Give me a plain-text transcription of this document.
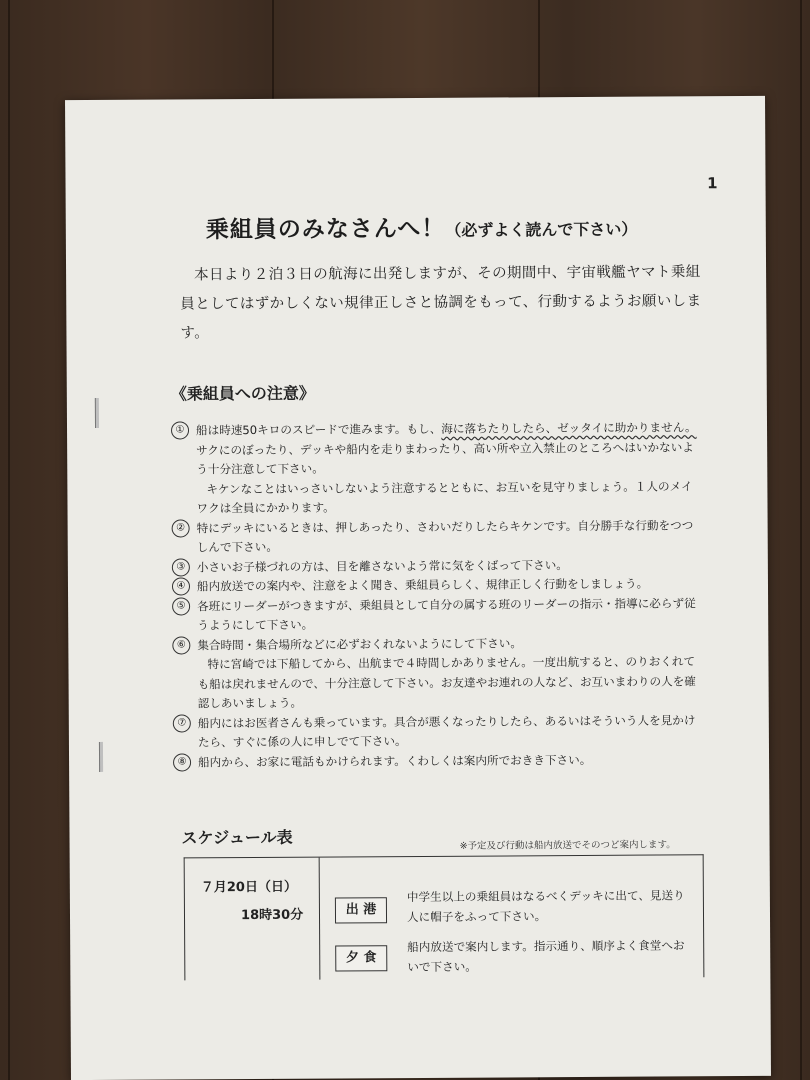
1
乗組員のみなさんへ！（必ずよく読んで下さい）
本日より２泊３日の航海に出発しますが、その期間中、宇宙戦艦ヤマト乗組員としてはずかしくない規律正しさと協調をもって、行動するようお願いします。
《乗組員への注意》
① 船は時速50キロのスピードで進みます。もし、海に落ちたりしたら、ゼッタイに助かりません。サクにのぼったり、デッキや船内を走りまわったり、高い所や立入禁止のところへはいかないよう十分注意して下さい。
キケンなことはいっさいしないよう注意するとともに、お互いを見守りましょう。１人のメイワクは全員にかかります。
② 特にデッキにいるときは、押しあったり、さわいだりしたらキケンです。自分勝手な行動をつつしんで下さい。
③ 小さいお子様づれの方は、目を離さないよう常に気をくばって下さい。
④ 船内放送での案内や、注意をよく聞き、乗組員らしく、規律正しく行動をしましょう。
⑤ 各班にリーダーがつきますが、乗組員として自分の属する班のリーダーの指示・指導に必らず従うようにして下さい。
⑥ 集合時間・集合場所などに必ずおくれないようにして下さい。
特に宮崎では下船してから、出航まで４時間しかありません。一度出航すると、のりおくれても船は戻れませんので、十分注意して下さい。お友達やお連れの人など、お互いまわりの人を確認しあいましょう。
⑦ 船内にはお医者さんも乗っています。具合が悪くなったりしたら、あるいはそういう人を見かけたら、すぐに係の人に申しでて下さい。
⑧ 船内から、お家に電話もかけられます。くわしくは案内所でおきき下さい。
スケジュール表	※予定及び行動は船内放送でそのつど案内します。
７月20日（日）
18時30分	出 港
中学生以上の乗組員はなるべくデッキに出て、見送り人に帽子をふって下さい。
夕 食
船内放送で案内します。指示通り、順序よく食堂へおいで下さい。
